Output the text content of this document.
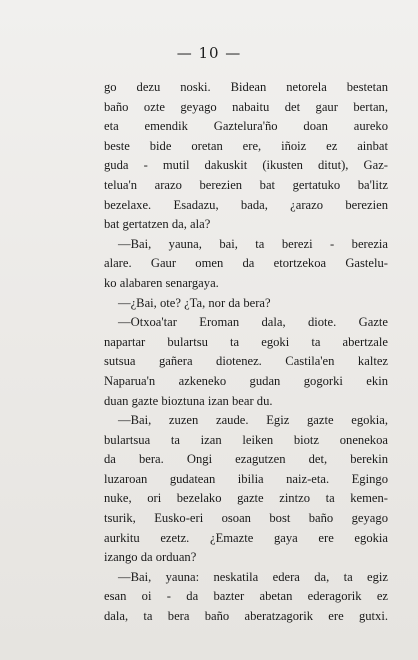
— 10 —
go dezu noski. Bidean netorela bestetan
baño ozte geyago nabaitu det gaur bertan,
eta emendik Gaztelura'ño doan aureko
beste bide oretan ere, iñoiz ez ainbat
guda - mutil dakuskit (ikusten ditut), Gaz-
telua'n arazo berezien bat gertatuko ba'litz
bezelaxe. Esadazu, bada, ¿arazo berezien
bat gertatzen da, ala?
—Bai, yauna, bai, ta berezi - berezia
alare. Gaur omen da etortzekoa Gastelu-
ko alabaren senargaya.
—¿Bai, ote? ¿Ta, nor da bera?
—Otxoa'tar Eroman dala, diote. Gazte
napartar bulartsu ta egoki ta abertzale
sutsua gañera diotenez. Castila'en kaltez
Naparua'n azkeneko gudan gogorki ekin
duan gazte bioztuna izan bear du.
—Bai, zuzen zaude. Egiz gazte egokia,
bulartsua ta izan leiken biotz onenekoa
da bera. Ongi ezagutzen det, berekin
luzaroan gudatean ibilia naiz-eta. Egingo
nuke, ori bezelako gazte zintzo ta kemen-
tsurik, Eusko-eri osoan bost baño geyago
aurkitu ezetz. ¿Emazte gaya ere egokia
izango da orduan?
—Bai, yauna: neskatila edera da, ta egiz
esan oi - da bazter abetan ederagorik ez
dala, ta bera baño aberatzagorik ere gutxi.
